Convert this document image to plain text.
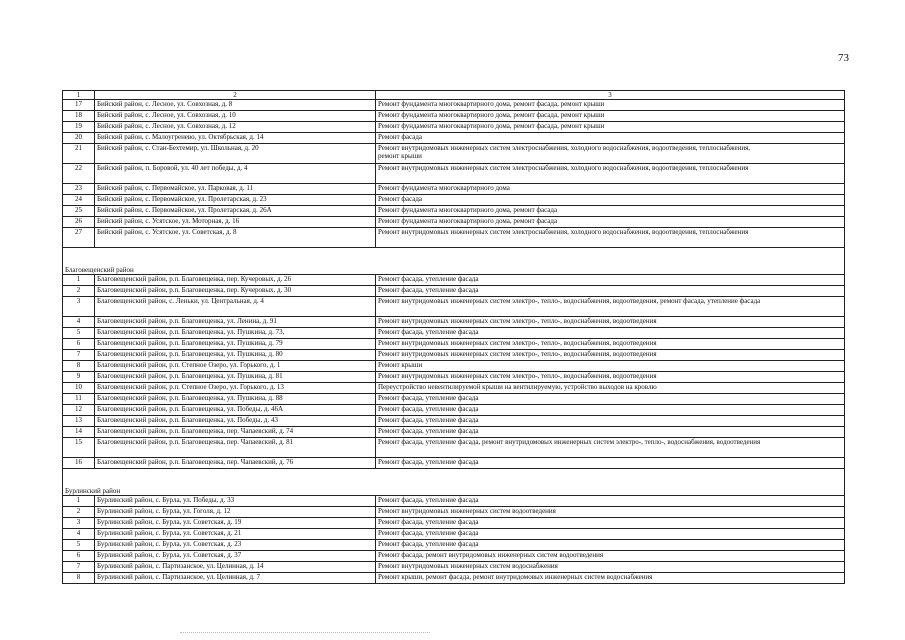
73
1	2	3
17	Бийский район, с. Лесное, ул. Совхозная, д. 8	Ремонт фундамента многоквартирного дома, ремонт фасада, ремонт крыши

18	Бийский район, с. Лесное, ул. Совхозная, д. 10	Ремонт фундамента многоквартирного дома, ремонт фасада, ремонт крыши

19	Бийский район, с. Лесное, ул. Совхозная, д. 12	Ремонт фундамента многоквартирного дома, ремонт фасада, ремонт крыши

20	Бийский район, с. Малоугренево, ул. Октябрьская, д. 14	Ремонт фасада

21	Бийский район, с. Стан-Бехтемир, ул. Школьная, д. 20	Ремонт внутридомовых инженерных систем электроснабжения, холодного водоснабжения, водоотведения, теплоснабжения,
ремонт крыши

22	Бийский район, п. Боровой, ул. 40 лет победы, д. 4	Ремонт внутридомовых инженерных систем электроснабжения, холодного водоснабжения, водоотведения, теплоснабжения

23	Бийский район, с. Первомайское, ул. Парковая, д. 11	Ремонт фундамента многоквартирного дома

24	Бийский район, с. Первомайское, ул. Пролетарская, д. 23	Ремонт фасада

25	Бийский район, с. Первомайское, ул. Пролетарская, д. 26А	Ремонт фундамента многоквартирного дома, ремонт фасада

26	Бийский район, с. Усятское, ул. Моторная, д. 16	Ремонт фундамента многоквартирного дома, ремонт фасада

27	Бийский район, с. Усятское, ул. Советская, д. 8	Ремонт внутридомовых инженерных систем электроснабжения, холодного водоснабжения, водоотведения, теплоснабжения

Благовещенский район		
1	Благовещенский район, р.п. Благовещенка, пер. Кучеровых, д. 26	Ремонт фасада, утепление фасада

2	Благовещенский район, р.п. Благовещенка, пер. Кучеровых, д. 30	Ремонт фасада, утепление фасада

3	Благовещенский район, с. Леньки, ул. Центральная, д. 4	Ремонт внутридомовых инженерных систем электро-, тепло-, водоснабжения, водоотведения, ремонт фасада, утепление фасада

4	Благовещенский район, р.п. Благовещенка, ул. Ленина, д. 91	Ремонт внутридомовых инженерных систем электро-, тепло-, водоснабжения, водоотведения

5	Благовещенский район, р.п. Благовещенка, ул. Пушкина, д. 73,	Ремонт фасада, утепление фасада

6	Благовещенский район, р.п. Благовещенка, ул. Пушкина, д. 79	Ремонт внутридомовых инженерных систем электро-, тепло-, водоснабжения, водоотведения

7	Благовещенский район, р.п. Благовещенка, ул. Пушкина, д. 80	Ремонт внутридомовых инженерных систем электро-, тепло-, водоснабжения, водоотведения

8	Благовещенский район, р.п. Степное Озеро, ул. Горького, д. 1	Ремонт крыши

9	Благовещенский район, р.п. Благовещенка, ул. Пушкина, д. 81	Ремонт внутридомовых инженерных систем электро-, тепло-, водоснабжения, водоотведения

10	Благовещенский район, р.п. Степное Озеро, ул. Горького, д. 13	Переустройство невентилируемой крыши на вентилируемую, устройство выходов на кровлю

11	Благовещенский район, р.п. Благовещенка, ул. Пушкина, д. 88	Ремонт фасада, утепление фасада

12	Благовещенский район, р.п. Благовещенка, ул. Победы, д. 46А	Ремонт фасада, утепление фасада

13	Благовещенский район, р.п. Благовещенка, ул. Победы, д. 43	Ремонт фасада, утепление фасада

14	Благовещенский район, р.п. Благовещенка, пер. Чапаевский, д. 74	Ремонт фасада, утепление фасада

15	Благовещенский район, р.п. Благовещенка, пер. Чапаевский, д. 81	Ремонт фасада, утепление фасада, ремонт внутридомовых инженерных систем электро-, тепло-, водоснабжения, водоотведения

16	Благовещенский район, р.п. Благовещенка, пер. Чапаевский, д. 76	Ремонт фасада, утепление фасада

Бурлинский район		
1	Бурлинский район, с. Бурла, ул. Победы, д. 33	Ремонт фасада, утепление фасада

2	Бурлинский район, с. Бурла, ул. Гоголя, д. 12	Ремонт внутридомовых инженерных систем водоотведения

3	Бурлинский район, с. Бурла, ул. Советская, д. 19	Ремонт фасада, утепление фасада

4	Бурлинский район, с. Бурла, ул. Советская, д. 21	Ремонт фасада, утепление фасада

5	Бурлинский район, с. Бурла, ул. Советская, д. 23	Ремонт фасада, утепление фасада

6	Бурлинский район, с. Бурла, ул. Советская, д. 37	Ремонт фасада, ремонт внутридомовых инженерных систем водоотведения

7	Бурлинский район, с. Партизанское, ул. Целинная, д. 14	Ремонт внутридомовых инженерных систем водоснабжения

8	Бурлинский район, с. Партизанское, ул. Целинная, д. 7	Ремонт крыши, ремонт фасада, ремонт внутридомовых инженерных систем водоснабжения
